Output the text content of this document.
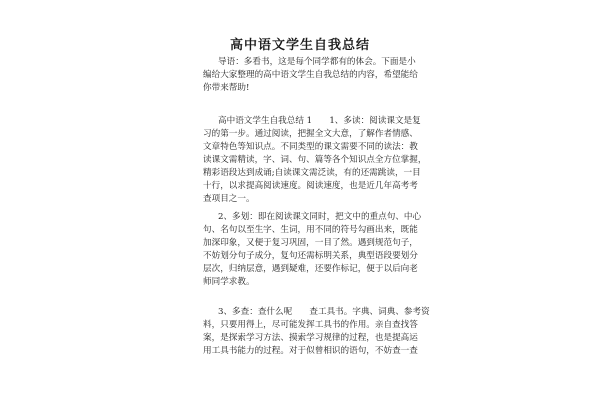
高中语文学生自我总结
导语：多看书，这是每个同学都有的体会。下面是小
编给大家整理的高中语文学生自我总结的内容，希望能给
你带来帮助!
高中语文学生自我总结 1　　1、多读：阅读课文是复
习的第一步。通过阅读，把握全文大意，了解作者情感、
文章特色等知识点。不同类型的课文需要不同的读法：教
读课文需精读，字、词、句、篇等各个知识点全方位掌握，
精彩语段达到成诵;自读课文需泛读，有的还需跳读，一目
十行，以求提高阅读速度。阅读速度，也是近几年高考考
查项目之一。
2、多划：即在阅读课文同时，把文中的重点句、中心
句、名句以至生字、生词，用不同的符号勾画出来，既能
加深印象，又便于复习巩固，一目了然。遇到规范句子，
不妨划分句子成分，复句还需标明关系，典型语段要划分
层次，归纳层意，遇到疑难，还要作标记，便于以后向老
师同学求教。
3、多查：查什么呢　　查工具书。字典、词典、参考资
料，只要用得上，尽可能发挥工具书的作用。亲自查找答
案，是探索学习方法、摸索学习规律的过程，也是提高运
用工具书能力的过程。对于似曾相识的语句，不妨查一查
